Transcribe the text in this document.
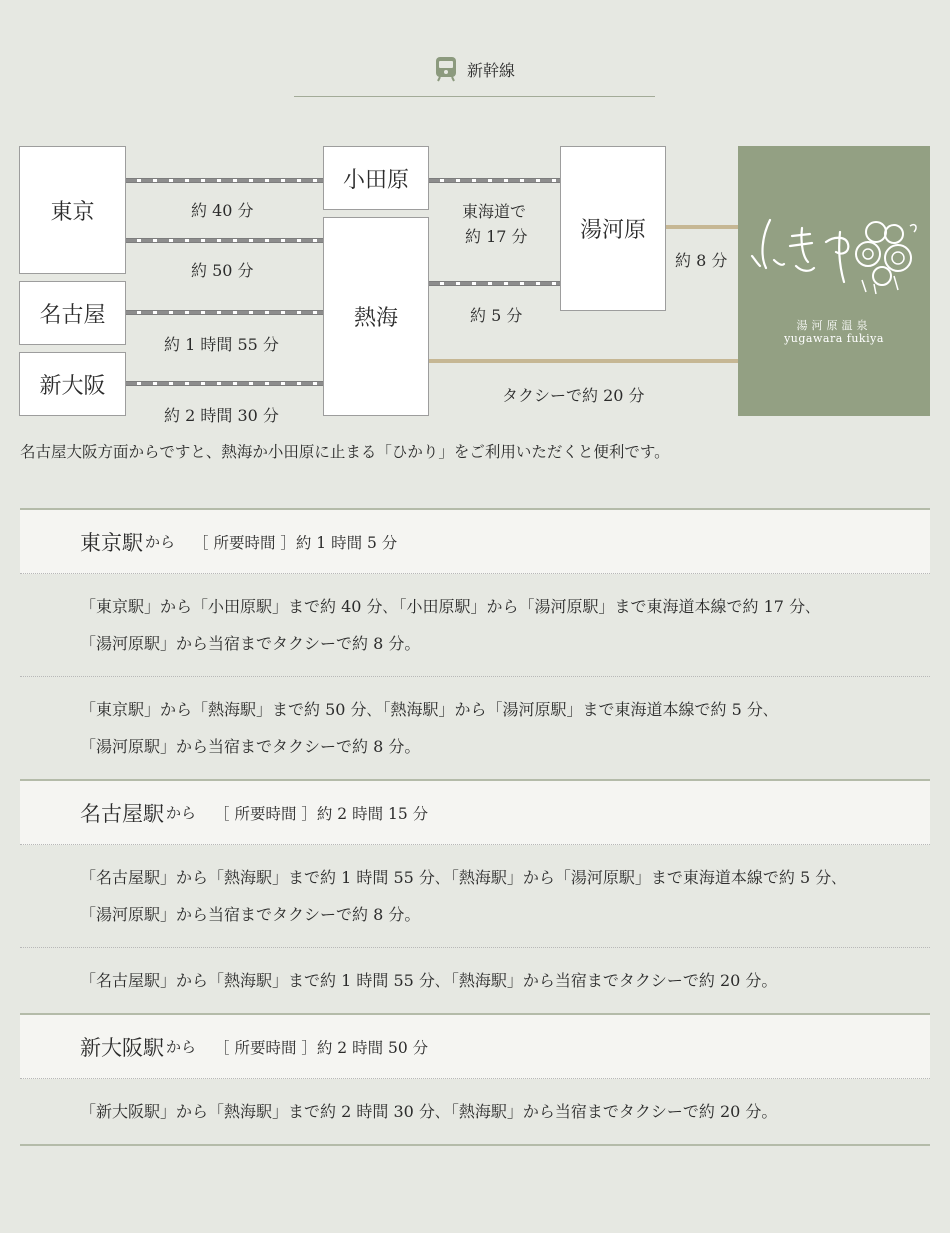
新幹線
東京
名古屋
新大阪
小田原
熱海
湯河原
約 40 分
約 50 分
約 1 時間 55 分
約 2 時間 30 分
東海道で
約 17 分
約 5 分
約 8 分
タクシーで約 20 分
湯河原温泉
yugawara fukiya
名古屋大阪方面からですと、熱海か小田原に止まる「ひかり」をご利用いただくと便利です。
東京駅 から ［ 所要時間 ］約 1 時間 5 分
「東京駅」から「小田原駅」まで約 40 分､「小田原駅」から「湯河原駅」まで東海道本線で約 17 分､
「湯河原駅」から当宿までタクシーで約 8 分。
「東京駅」から「熱海駅」まで約 50 分､「熱海駅」から「湯河原駅」まで東海道本線で約 5 分､
「湯河原駅」から当宿までタクシーで約 8 分。
名古屋駅 から ［ 所要時間 ］約 2 時間 15 分
「名古屋駅」から「熱海駅」まで約 1 時間 55 分､「熱海駅」から「湯河原駅」まで東海道本線で約 5 分､
「湯河原駅」から当宿までタクシーで約 8 分。
「名古屋駅」から「熱海駅」まで約 1 時間 55 分､「熱海駅」から当宿までタクシーで約 20 分。
新大阪駅 から ［ 所要時間 ］約 2 時間 50 分
「新大阪駅」から「熱海駅」まで約 2 時間 30 分､「熱海駅」から当宿までタクシーで約 20 分。
